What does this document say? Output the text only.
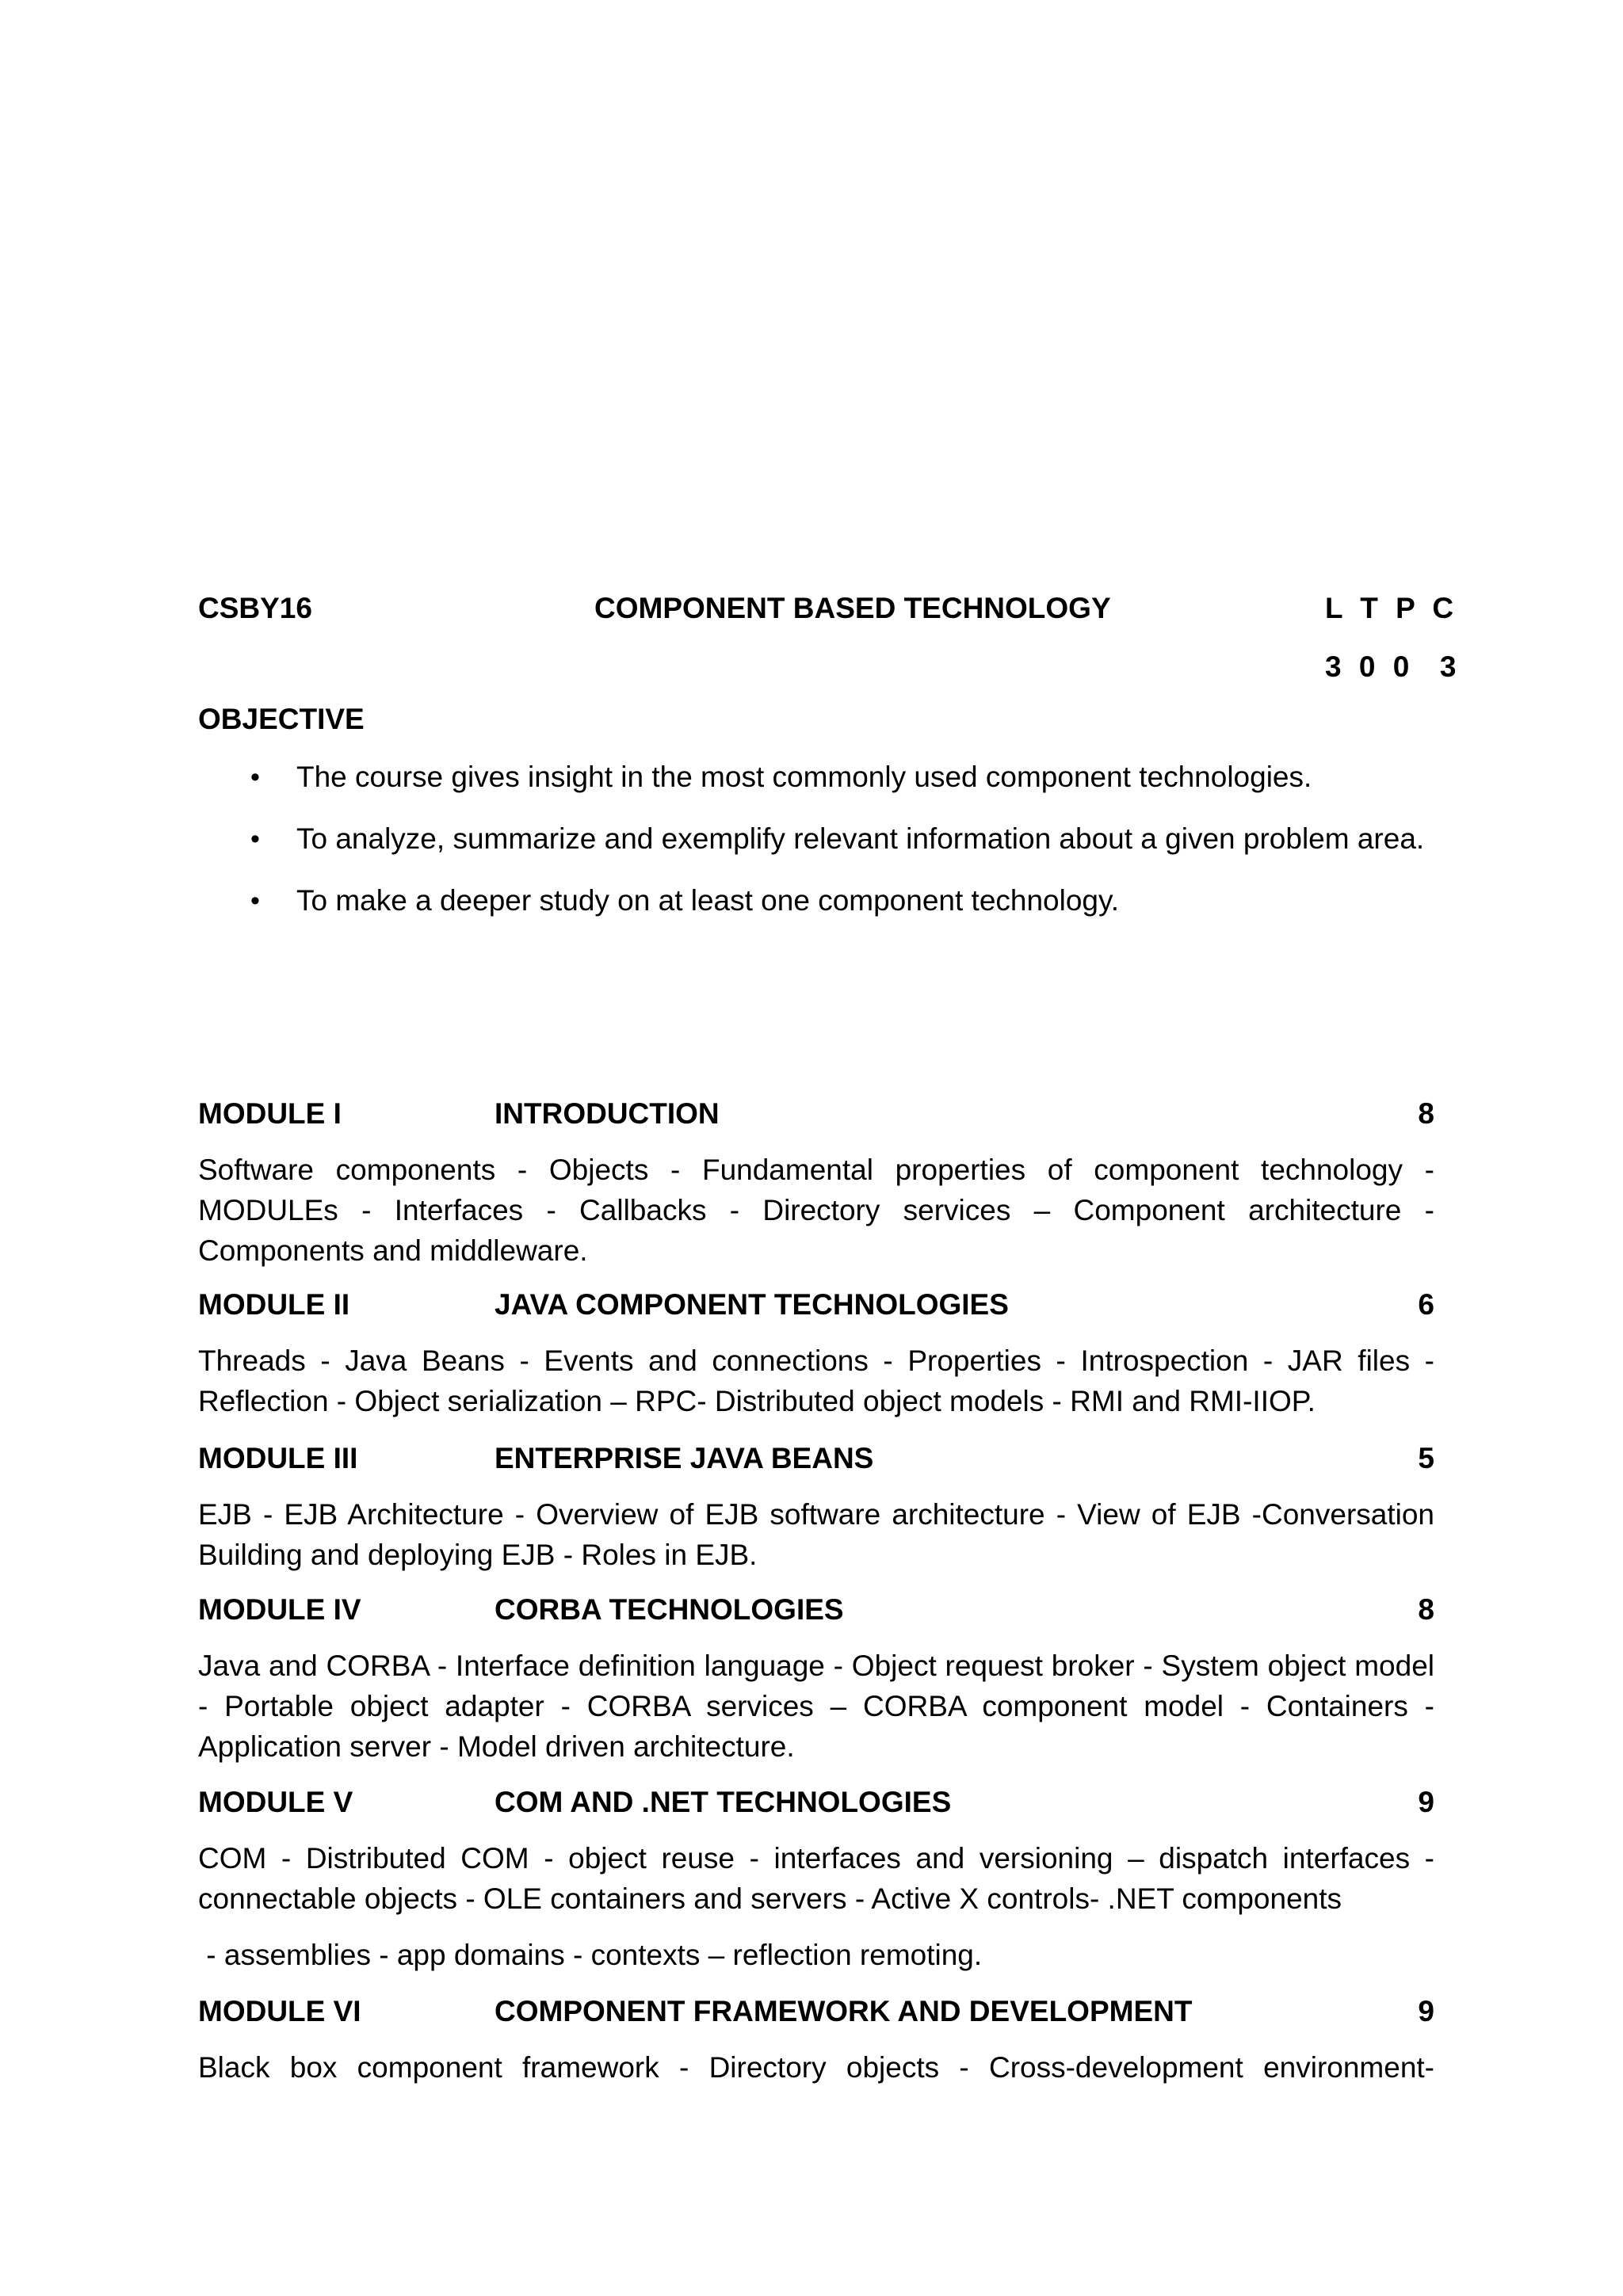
CSBY16	COMPONENT BASED TECHNOLOGY	L T P C
3 0 0  3
OBJECTIVE
• The course gives insight in the most commonly used component technologies.
• To analyze, summarize and exemplify relevant information about a given problem area.
• To make a deeper study on at least one component technology.
MODULE I	INTRODUCTION	8
Software components - Objects - Fundamental properties of component technology - MODULEs - Interfaces - Callbacks - Directory services – Component architecture -Components and middleware.
MODULE II	JAVA COMPONENT TECHNOLOGIES	6
Threads - Java Beans - Events and connections - Properties - Introspection - JAR files - Reflection - Object serialization – RPC- Distributed object models - RMI and RMI-IIOP.
MODULE III	ENTERPRISE JAVA BEANS	5
EJB - EJB Architecture - Overview of EJB software architecture - View of EJB -Conversation Building and deploying EJB - Roles in EJB.
MODULE IV	CORBA TECHNOLOGIES	8
Java and CORBA - Interface definition language - Object request broker - System object model - Portable object adapter - CORBA services – CORBA component model - Containers - Application server - Model driven architecture.
MODULE V	COM AND .NET TECHNOLOGIES	9
COM - Distributed COM - object reuse - interfaces and versioning – dispatch interfaces - connectable objects - OLE containers and servers - Active X controls- .NET components
- assemblies - app domains - contexts – reflection remoting.
MODULE VI	COMPONENT FRAMEWORK AND DEVELOPMENT	9
Black box component framework - Directory objects - Cross-development environment-
